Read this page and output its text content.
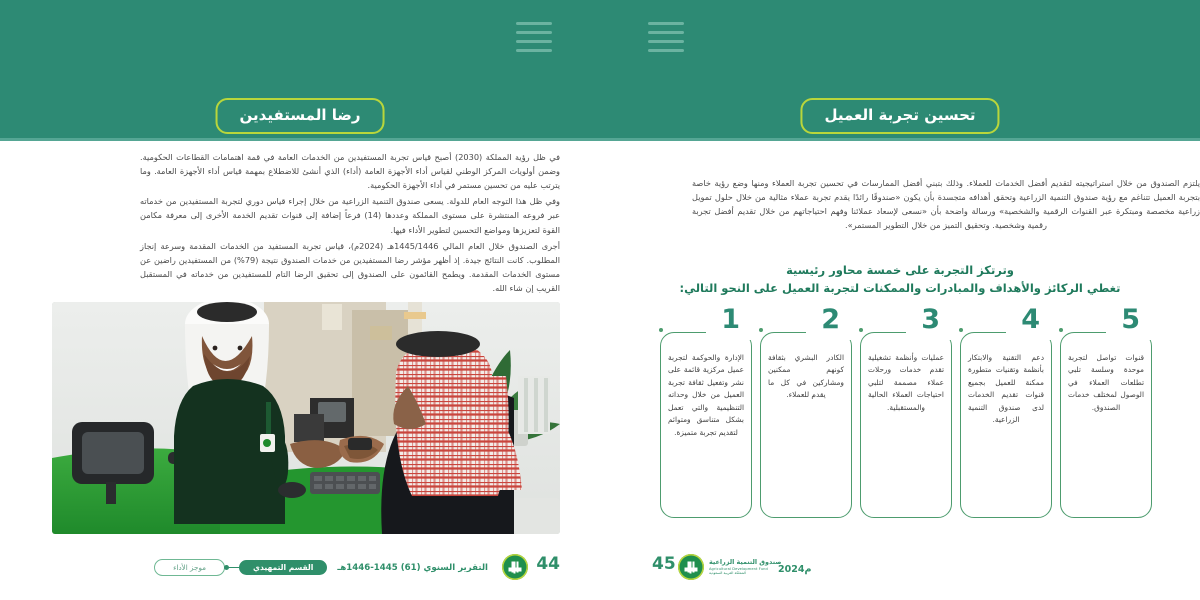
تحسين تجربة العميل

يلتزم الصندوق من خلال استراتيجيته لتقديم أفضل الخدمات للعملاء. وذلك بتبني أفضل الممارسات في تحسين تجربة العملاء ومنها وضع رؤية خاصة بتجربة العميل تتناغم مع رؤية صندوق التنمية الزراعية وتحقق أهدافه متجسدة بأن يكون «صندوقًا رائدًا يقدم تجربة عملاء مثالية من خلال حلول تمويل زراعية مخصصة ومبتكرة عبر القنوات الرقمية والشخصية» ورسالة واضحة بأن «نسعى لإسعاد عملائنا وفهم احتياجاتهم من خلال تقديم أفضل تجربة رقمية وشخصية. وتحقيق التميز من خلال التطوير المستمر».

وترتكز التجربة على خمسة محاور رئيسية
تغطي الركائز والأهداف والمبادرات والممكنات لتجربة العميل على النحو التالي:
1
الإدارة والحوكمة لتجربة عميل مركزية قائمة على نشر وتفعيل ثقافة تجربة العميل من خلال وحداته التنظيمية والتي تعمل بشكل متناسق ومتوائم لتقديم تجربة متميزة.
2
الكادر البشري بثقافة كونهم ممكنين ومشاركين في كل ما يقدم للعملاء.
3
عمليات وأنظمة تشغيلية تقدم خدمات ورحلات عملاء مصممة لتلبي احتياجات العملاء الحالية والمستقبلية.
4
دعم التقنية والابتكار بأنظمة وتقنيات متطورة ممكنة للعميل بجميع قنوات تقديم الخدمات لدى صندوق التنمية الزراعية.
5
قنوات تواصل لتجربة موحدة وسلسة تلبي تطلعات العملاء في الوصول لمختلف خدمات الصندوق.
45	صندوق التنمية الزراعية
Agricultural Development Fund
المملكة العربية السعودية	2024م
رضا المستفيدين

في ظل رؤية المملكة (2030) أصبح قياس تجربة المستفيدين من الخدمات العامة في قمة اهتمامات القطاعات الحكومية. وضمن أولويات المركز الوطني لقياس أداء الأجهزة العامة (أداء) الذي أنشئ للاضطلاع بمهمة قياس أداء الأجهزة العامة. وما يترتب عليه من تحسين مستمر في أداء الأجهزة الحكومية.

وفي ظل هذا التوجه العام للدولة. يسعى صندوق التنمية الزراعية من خلال إجراء قياس دوري لتجربة المستفيدين من خدماته عبر فروعه المنتشرة على مستوى المملكة وعددها (14) فرعاً إضافة إلى قنوات تقديم الخدمة الأخرى إلى معرفة مكامن القوة لتعزيزها ومواضع التحسين لتطوير الأداء فيها.

أجرى الصندوق خلال العام المالي 1445/1446هـ (2024م)، قياس تجربة المستفيد من الخدمات المقدمة وسرعة إنجاز المطلوب. كانت النتائج جيدة. إذ أظهر مؤشر رضا المستفيدين من خدمات الصندوق نتيجة (79%) من المستفيدين راضين عن مستوى الخدمات المقدمة. ويطمح القائمون على الصندوق إلى تحقيق الرضا التام للمستفيدين من خدماته في المستقبل القريب إن شاء الله.

44
التقرير السنوي (61) 1445-1446هـ
القسم التمهيدي
موجز الأداء
